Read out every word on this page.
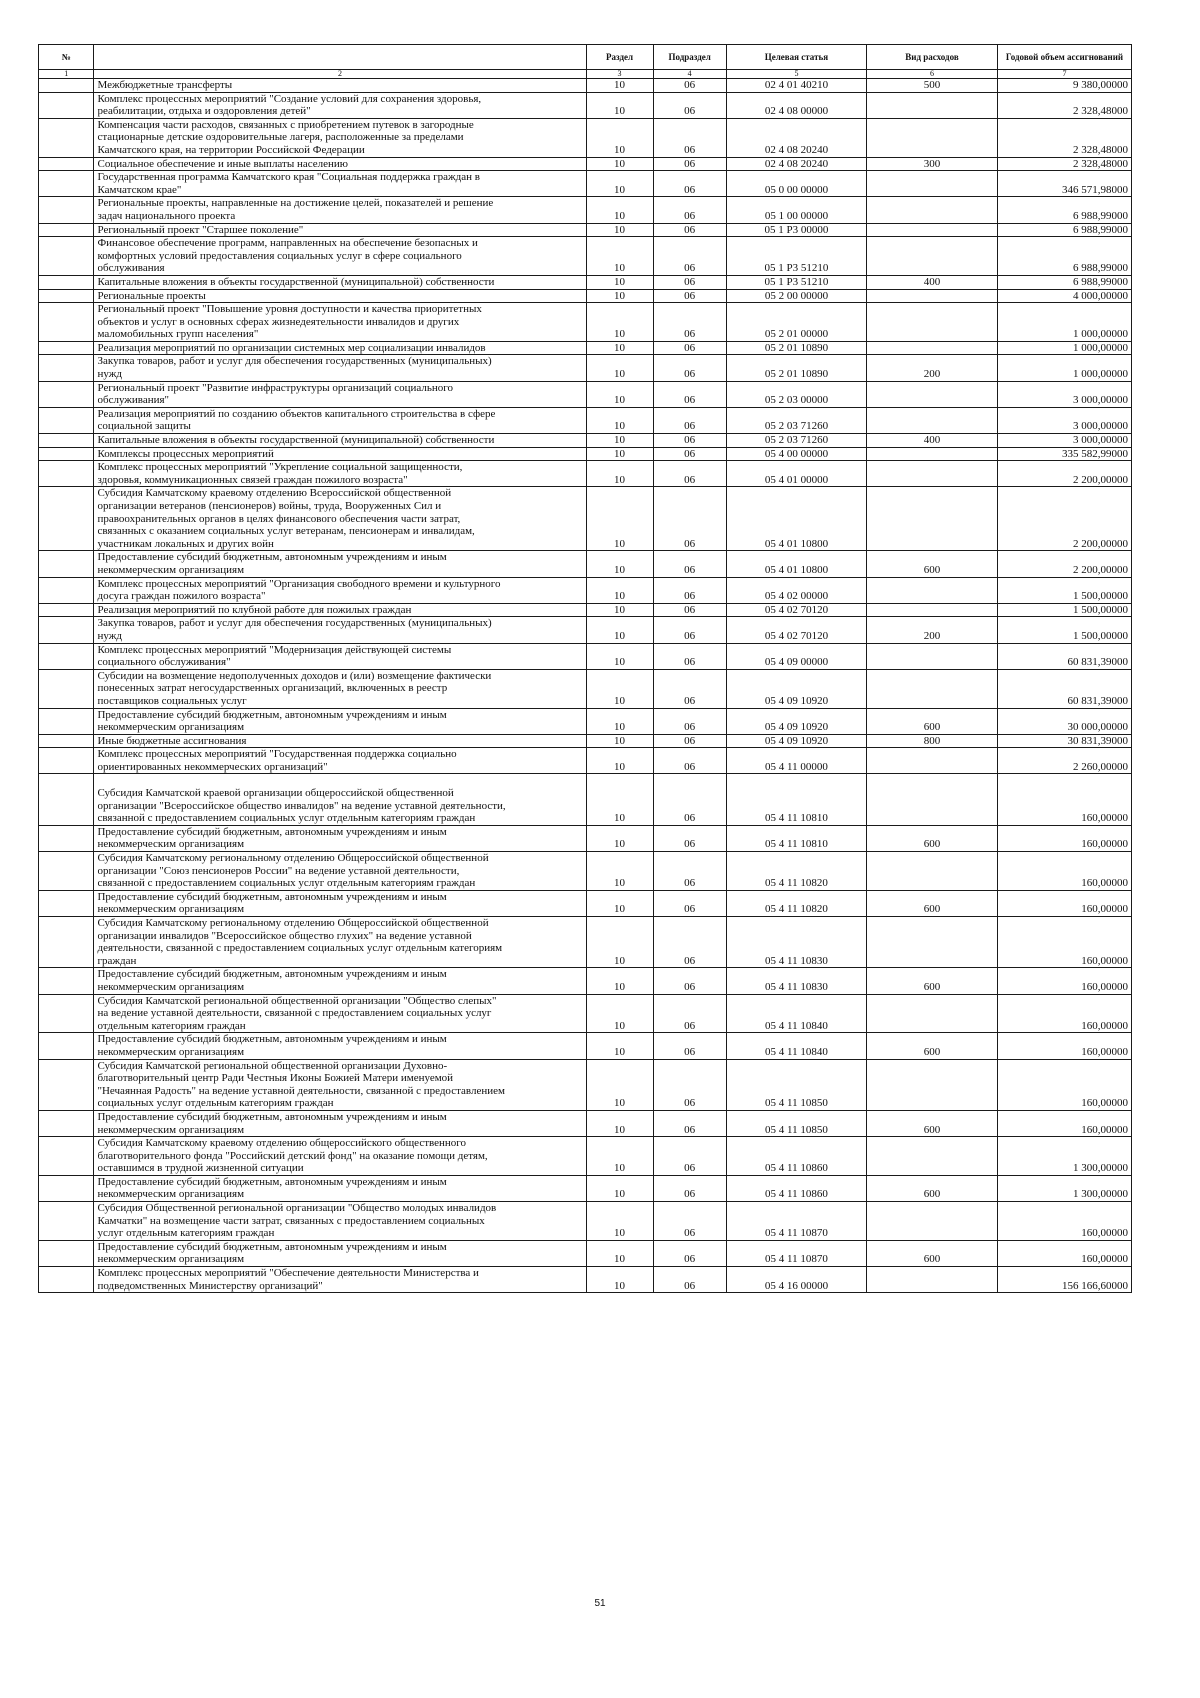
№		Раздел	Подраздел	Целевая статья	Вид расходов	Годовой объем ассигнований
1	2	3	4	5	6	7
	Межбюджетные трансферты	10	06	02 4 01 40210	500	9 380,00000
	Комплекс процессных мероприятий "Создание условий для сохранения здоровья,
реабилитации, отдыха и оздоровления детей"	10	06	02 4 08 00000		2 328,48000
	Компенсация части расходов, связанных с приобретением путевок в загородные
стационарные детские оздоровительные лагеря, расположенные за пределами
Камчатского края, на территории Российской Федерации	10	06	02 4 08 20240		2 328,48000
	Социальное обеспечение и иные выплаты населению	10	06	02 4 08 20240	300	2 328,48000
	Государственная программа Камчатского края "Социальная поддержка граждан в
Камчатском крае"	10	06	05 0 00 00000		346 571,98000
	Региональные проекты, направленные на достижение целей, показателей и решение
задач национального проекта	10	06	05 1 00 00000		6 988,99000
	Региональный проект "Старшее поколение"	10	06	05 1 P3 00000		6 988,99000
	Финансовое обеспечение программ, направленных на обеспечение безопасных и
комфортных условий предоставления социальных услуг в сфере социального
обслуживания	10	06	05 1 P3 51210		6 988,99000
	Капитальные вложения в объекты государственной (муниципальной) собственности	10	06	05 1 P3 51210	400	6 988,99000
	Региональные проекты	10	06	05 2 00 00000		4 000,00000
	Региональный проект "Повышение уровня доступности и качества приоритетных
объектов и услуг в основных сферах жизнедеятельности инвалидов и других
маломобильных групп населения"	10	06	05 2 01 00000		1 000,00000
	Реализация мероприятий по организации системных мер социализации инвалидов	10	06	05 2 01 10890		1 000,00000
	Закупка товаров, работ и услуг для обеспечения государственных (муниципальных)
нужд	10	06	05 2 01 10890	200	1 000,00000
	Региональный проект "Развитие инфраструктуры организаций социального
обслуживания"	10	06	05 2 03 00000		3 000,00000
	Реализация мероприятий по созданию объектов капитального строительства в сфере
социальной защиты	10	06	05 2 03 71260		3 000,00000
	Капитальные вложения в объекты государственной (муниципальной) собственности	10	06	05 2 03 71260	400	3 000,00000
	Комплексы процессных мероприятий	10	06	05 4 00 00000		335 582,99000
	Комплекс процессных мероприятий "Укрепление социальной защищенности,
здоровья, коммуникационных связей граждан пожилого возраста"	10	06	05 4 01 00000		2 200,00000
	Субсидия Камчатскому краевому отделению Всероссийской общественной
организации ветеранов (пенсионеров) войны, труда, Вооруженных Сил и
правоохранительных органов в целях финансового обеспечения части затрат,
связанных с оказанием социальных услуг ветеранам, пенсионерам и инвалидам,
участникам локальных и других войн	10	06	05 4 01 10800		2 200,00000
	Предоставление субсидий бюджетным, автономным учреждениям и иным
некоммерческим организациям	10	06	05 4 01 10800	600	2 200,00000
	Комплекс процессных мероприятий "Организация свободного времени и культурного
досуга граждан пожилого возраста"	10	06	05 4 02 00000		1 500,00000
	Реализация мероприятий по клубной работе для пожилых граждан	10	06	05 4 02 70120		1 500,00000
	Закупка товаров, работ и услуг для обеспечения государственных (муниципальных)
нужд	10	06	05 4 02 70120	200	1 500,00000
	Комплекс процессных мероприятий "Модернизация действующей системы
социального обслуживания"	10	06	05 4 09 00000		60 831,39000
	Субсидии на возмещение недополученных доходов и (или) возмещение фактически
понесенных затрат негосударственных организаций, включенных в реестр
поставщиков социальных услуг	10	06	05 4 09 10920		60 831,39000
	Предоставление субсидий бюджетным, автономным учреждениям и иным
некоммерческим организациям	10	06	05 4 09 10920	600	30 000,00000
	Иные бюджетные ассигнования	10	06	05 4 09 10920	800	30 831,39000
	Комплекс процессных мероприятий "Государственная поддержка социально
ориентированных некоммерческих организаций"	10	06	05 4 11 00000		2 260,00000

Субсидия Камчатской краевой организации общероссийской общественной
организации "Всероссийское общество инвалидов" на ведение уставной деятельности,
связанной с предоставлением социальных услуг отдельным категориям граждан	10	06	05 4 11 10810		160,00000
	Предоставление субсидий бюджетным, автономным учреждениям и иным
некоммерческим организациям	10	06	05 4 11 10810	600	160,00000
	Субсидия Камчатскому региональному отделению Общероссийской общественной
организации "Союз пенсионеров России" на ведение уставной деятельности,
связанной с предоставлением социальных услуг отдельным категориям граждан	10	06	05 4 11 10820		160,00000
	Предоставление субсидий бюджетным, автономным учреждениям и иным
некоммерческим организациям	10	06	05 4 11 10820	600	160,00000
	Субсидия Камчатскому региональному отделению Общероссийской общественной
организации инвалидов "Всероссийское общество глухих" на ведение уставной
деятельности, связанной с предоставлением социальных услуг отдельным категориям
граждан	10	06	05 4 11 10830		160,00000
	Предоставление субсидий бюджетным, автономным учреждениям и иным
некоммерческим организациям	10	06	05 4 11 10830	600	160,00000
	Субсидия Камчатской региональной общественной организации "Общество слепых"
на ведение уставной деятельности, связанной с предоставлением социальных услуг
отдельным категориям граждан	10	06	05 4 11 10840		160,00000
	Предоставление субсидий бюджетным, автономным учреждениям и иным
некоммерческим организациям	10	06	05 4 11 10840	600	160,00000
	Субсидия Камчатской региональной общественной организации Духовно-
благотворительный центр Ради Честныя Иконы Божией Матери именуемой
"Нечаянная Радость" на ведение уставной деятельности, связанной с предоставлением
социальных услуг отдельным категориям граждан	10	06	05 4 11 10850		160,00000
	Предоставление субсидий бюджетным, автономным учреждениям и иным
некоммерческим организациям	10	06	05 4 11 10850	600	160,00000
	Субсидия Камчатскому краевому отделению общероссийского общественного
благотворительного фонда "Российский детский фонд" на оказание помощи детям,
оставшимся в трудной жизненной ситуации	10	06	05 4 11 10860		1 300,00000
	Предоставление субсидий бюджетным, автономным учреждениям и иным
некоммерческим организациям	10	06	05 4 11 10860	600	1 300,00000
	Субсидия Общественной региональной организации "Общество молодых инвалидов
Камчатки" на возмещение части затрат, связанных с предоставлением социальных
услуг отдельным категориям граждан	10	06	05 4 11 10870		160,00000
	Предоставление субсидий бюджетным, автономным учреждениям и иным
некоммерческим организациям	10	06	05 4 11 10870	600	160,00000
	Комплекс процессных мероприятий "Обеспечение деятельности Министерства и
подведомственных Министерству организаций"	10	06	05 4 16 00000		156 166,60000
51
